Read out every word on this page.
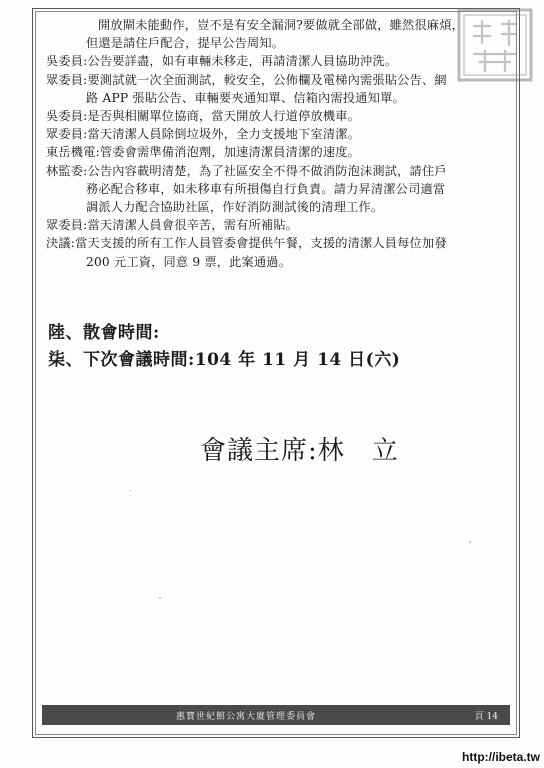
開放閘未能動作，豈不是有安全漏洞?要做就全部做，雖然很麻煩，
但還是請住戶配合，提早公告周知。
吳委員 : 公告要詳盡，如有車輛未移走，再請清潔人員協助沖洗。
眾委員 : 要測試就一次全面測試，較安全，公佈欄及電梯內需張貼公告、網
路 APP 張貼公告、車輛要夾通知單、信箱內需投通知單。
吳委員 : 是否與相關單位協商，當天開放人行道停放機車。
眾委員 : 當天清潔人員除倒垃圾外，全力支援地下室清潔。
東岳機電 : 管委會需準備消泡劑，加速清潔員清潔的速度。
林監委 : 公告內容載明清楚，為了社區安全不得不做消防泡沫測試，請住戶
務必配合移車，如未移車有所損傷自行負責。請力昇清潔公司適當
調派人力配合協助社區，作好消防測試後的清理工作。
眾委員 : 當天清潔人員會很辛苦，需有所補貼。
決議 : 當天支援的所有工作人員管委會提供午餐，支援的清潔人員每位加發
200 元工資，同意 9 票，此案通過。
陸、散會時間:
柒、下次會議時間:104 年 11 月 14 日(六)
會議主席:林　立
惠寶世紀館公寓大廈管理委員會	頁 14
http://ibeta.tw
